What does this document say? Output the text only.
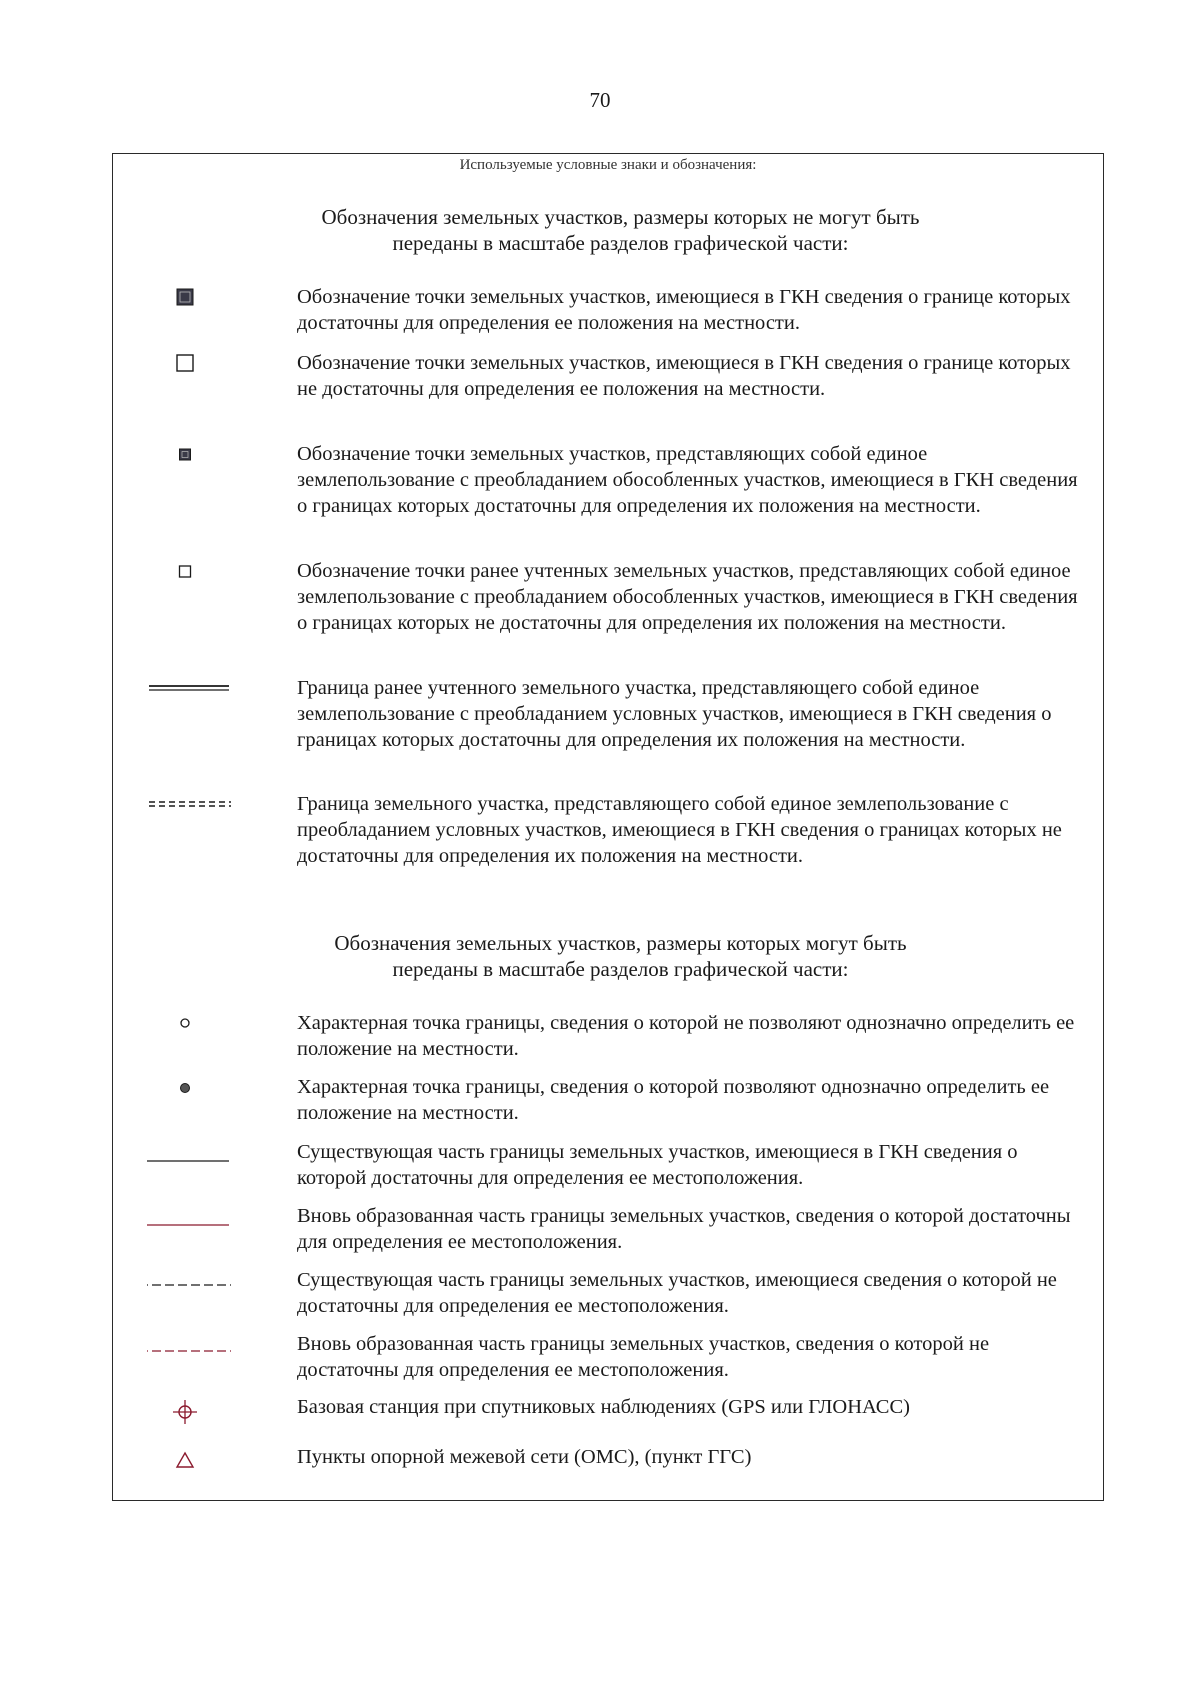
70
Используемые условные знаки и обозначения:
Обозначения земельных участков, размеры которых не могут быть
переданы в масштабе разделов графической части:
Обозначение точки земельных участков, имеющиеся в ГКН сведения о границе которых достаточны для определения ее положения на местности.
Обозначение точки земельных участков, имеющиеся в ГКН сведения о границе которых не достаточны для определения ее положения на местности.
Обозначение точки земельных участков, представляющих собой единое землепользование с преобладанием обособленных участков, имеющиеся в ГКН сведения о границах которых достаточны для определения их положения на местности.
Обозначение точки ранее учтенных земельных участков, представляющих собой единое землепользование с преобладанием обособленных участков, имеющиеся в ГКН сведения о границах которых не достаточны для определения их положения на местности.
Граница ранее учтенного земельного участка, представляющего собой единое землепользование с преобладанием условных участков, имеющиеся в ГКН сведения о границах которых достаточны для определения их положения на местности.
Граница земельного участка, представляющего собой единое землепользование с преобладанием условных участков, имеющиеся в ГКН сведения о границах которых не достаточны для определения их положения на местности.
Обозначения земельных участков, размеры которых могут быть
переданы в масштабе разделов графической части:
Характерная точка границы, сведения о которой не позволяют однозначно определить ее положение на местности.
Характерная точка границы, сведения о которой позволяют однозначно определить ее положение на местности.
Существующая часть границы земельных участков, имеющиеся в ГКН сведения о которой достаточны для определения ее местоположения.
Вновь образованная часть границы земельных участков, сведения о которой достаточны для определения ее местоположения.
Существующая часть границы земельных участков, имеющиеся сведения о которой не достаточны для определения ее местоположения.
Вновь образованная часть границы земельных участков, сведения о которой не достаточны для определения ее местоположения.
Базовая станция при спутниковых наблюдениях (GPS или ГЛОНАСС)
Пункты опорной межевой сети (ОМС), (пункт ГГС)
